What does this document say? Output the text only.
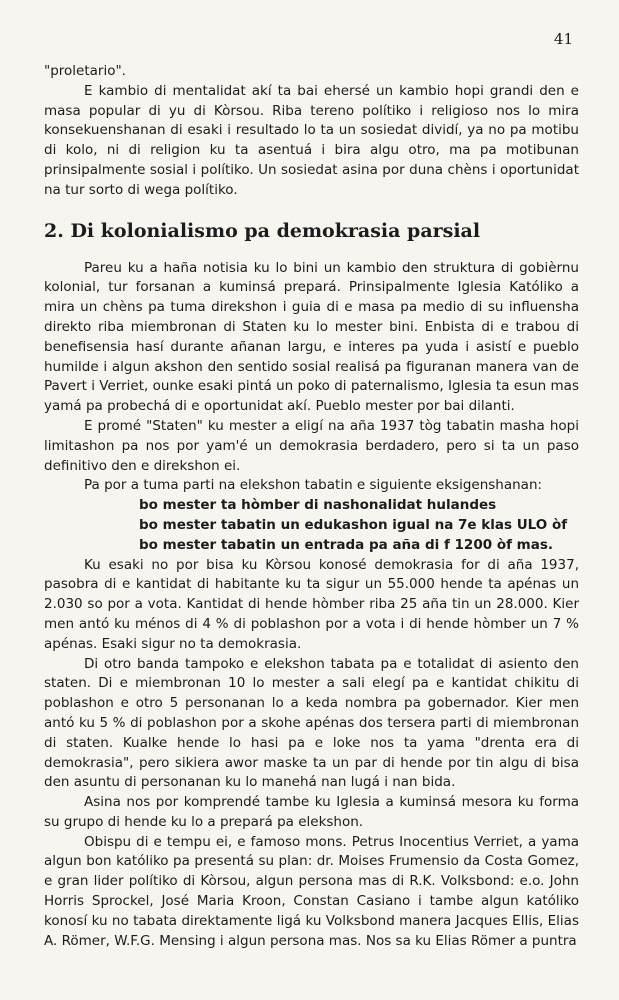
41

"proletario".

E kambio di mentalidat akí ta bai ehersé un kambio hopi grandi den e masa popular di yu di Kòrsou. Riba tereno polítiko i religioso nos lo mira konsekuenshanan di esaki i resultado lo ta un sosiedat dividí, ya no pa motibu di kolo, ni di religion ku ta asentuá i bira algu otro, ma pa motibunan prinsipalmente sosial i polítiko. Un sosiedat asina por duna chèns i oportunidat na tur sorto di wega polítiko.

2. Di kolonialismo pa demokrasia parsial

Pareu ku a haña notisia ku lo bini un kambio den struktura di gobièrnu kolonial, tur forsanan a kuminsá prepará. Prinsipalmente Iglesia Katóliko a mira un chèns pa tuma direkshon i guia di e masa pa medio di su influensha direkto riba miembronan di Staten ku lo mester bini. Enbista di e trabou di benefisensia hasí durante añanan largu, e interes pa yuda i asistí e pueblo humilde i algun akshon den sentido sosial realisá pa figuranan manera van de Pavert i Verriet, ounke esaki pintá un poko di paternalismo, Iglesia ta esun mas yamá pa probechá di e oportunidat akí. Pueblo mester por bai dilanti.

E promé "Staten" ku mester a eligí na aña 1937 tòg tabatin masha hopi limitashon pa nos por yam'é un demokrasia berdadero, pero si ta un paso definitivo den e direkshon ei.

Pa por a tuma parti na elekshon tabatin e siguiente eksigenshanan:

bo mester ta hòmber di nashonalidat hulandes
bo mester tabatin un edukashon igual na 7e klas ULO òf
bo mester tabatin un entrada pa aña di f 1200 òf mas.

Ku esaki no por bisa ku Kòrsou konosé demokrasia for di aña 1937, pasobra di e kantidat di habitante ku ta sigur un 55.000 hende ta apénas un 2.030 so por a vota. Kantidat di hende hòmber riba 25 aña tin un 28.000. Kier men antó ku ménos di 4 % di poblashon por a vota i di hende hòmber un 7 % apénas. Esaki sigur no ta demokrasia.

Di otro banda tampoko e elekshon tabata pa e totalidat di asiento den staten. Di e miembronan 10 lo mester a sali elegí pa e kantidat chikitu di poblashon e otro 5 personanan lo a keda nombra pa gobernador. Kier men antó ku 5 % di poblashon por a skohe apénas dos tersera parti di miembronan di staten. Kualke hende lo hasi pa e loke nos ta yama "drenta era di demokrasia", pero sikiera awor maske ta un par di hende por tin algu di bisa den asuntu di personanan ku lo manehá nan lugá i nan bida.

Asina nos por komprendé tambe ku Iglesia a kuminsá mesora ku forma su grupo di hende ku lo a prepará pa elekshon.

Obispu di e tempu ei, e famoso mons. Petrus Inocentius Verriet, a yama algun bon katóliko pa presentá su plan: dr. Moises Frumensio da Costa Gomez, e gran lider polítiko di Kòrsou, algun persona mas di R.K. Volksbond: e.o. John Horris Sprockel, José Maria Kroon, Constan Casiano i tambe algun katóliko konosí ku no tabata direktamente ligá ku Volksbond manera Jacques Ellis, Elias A. Römer, W.F.G. Mensing i algun persona mas. Nos sa ku Elias Römer a puntra
